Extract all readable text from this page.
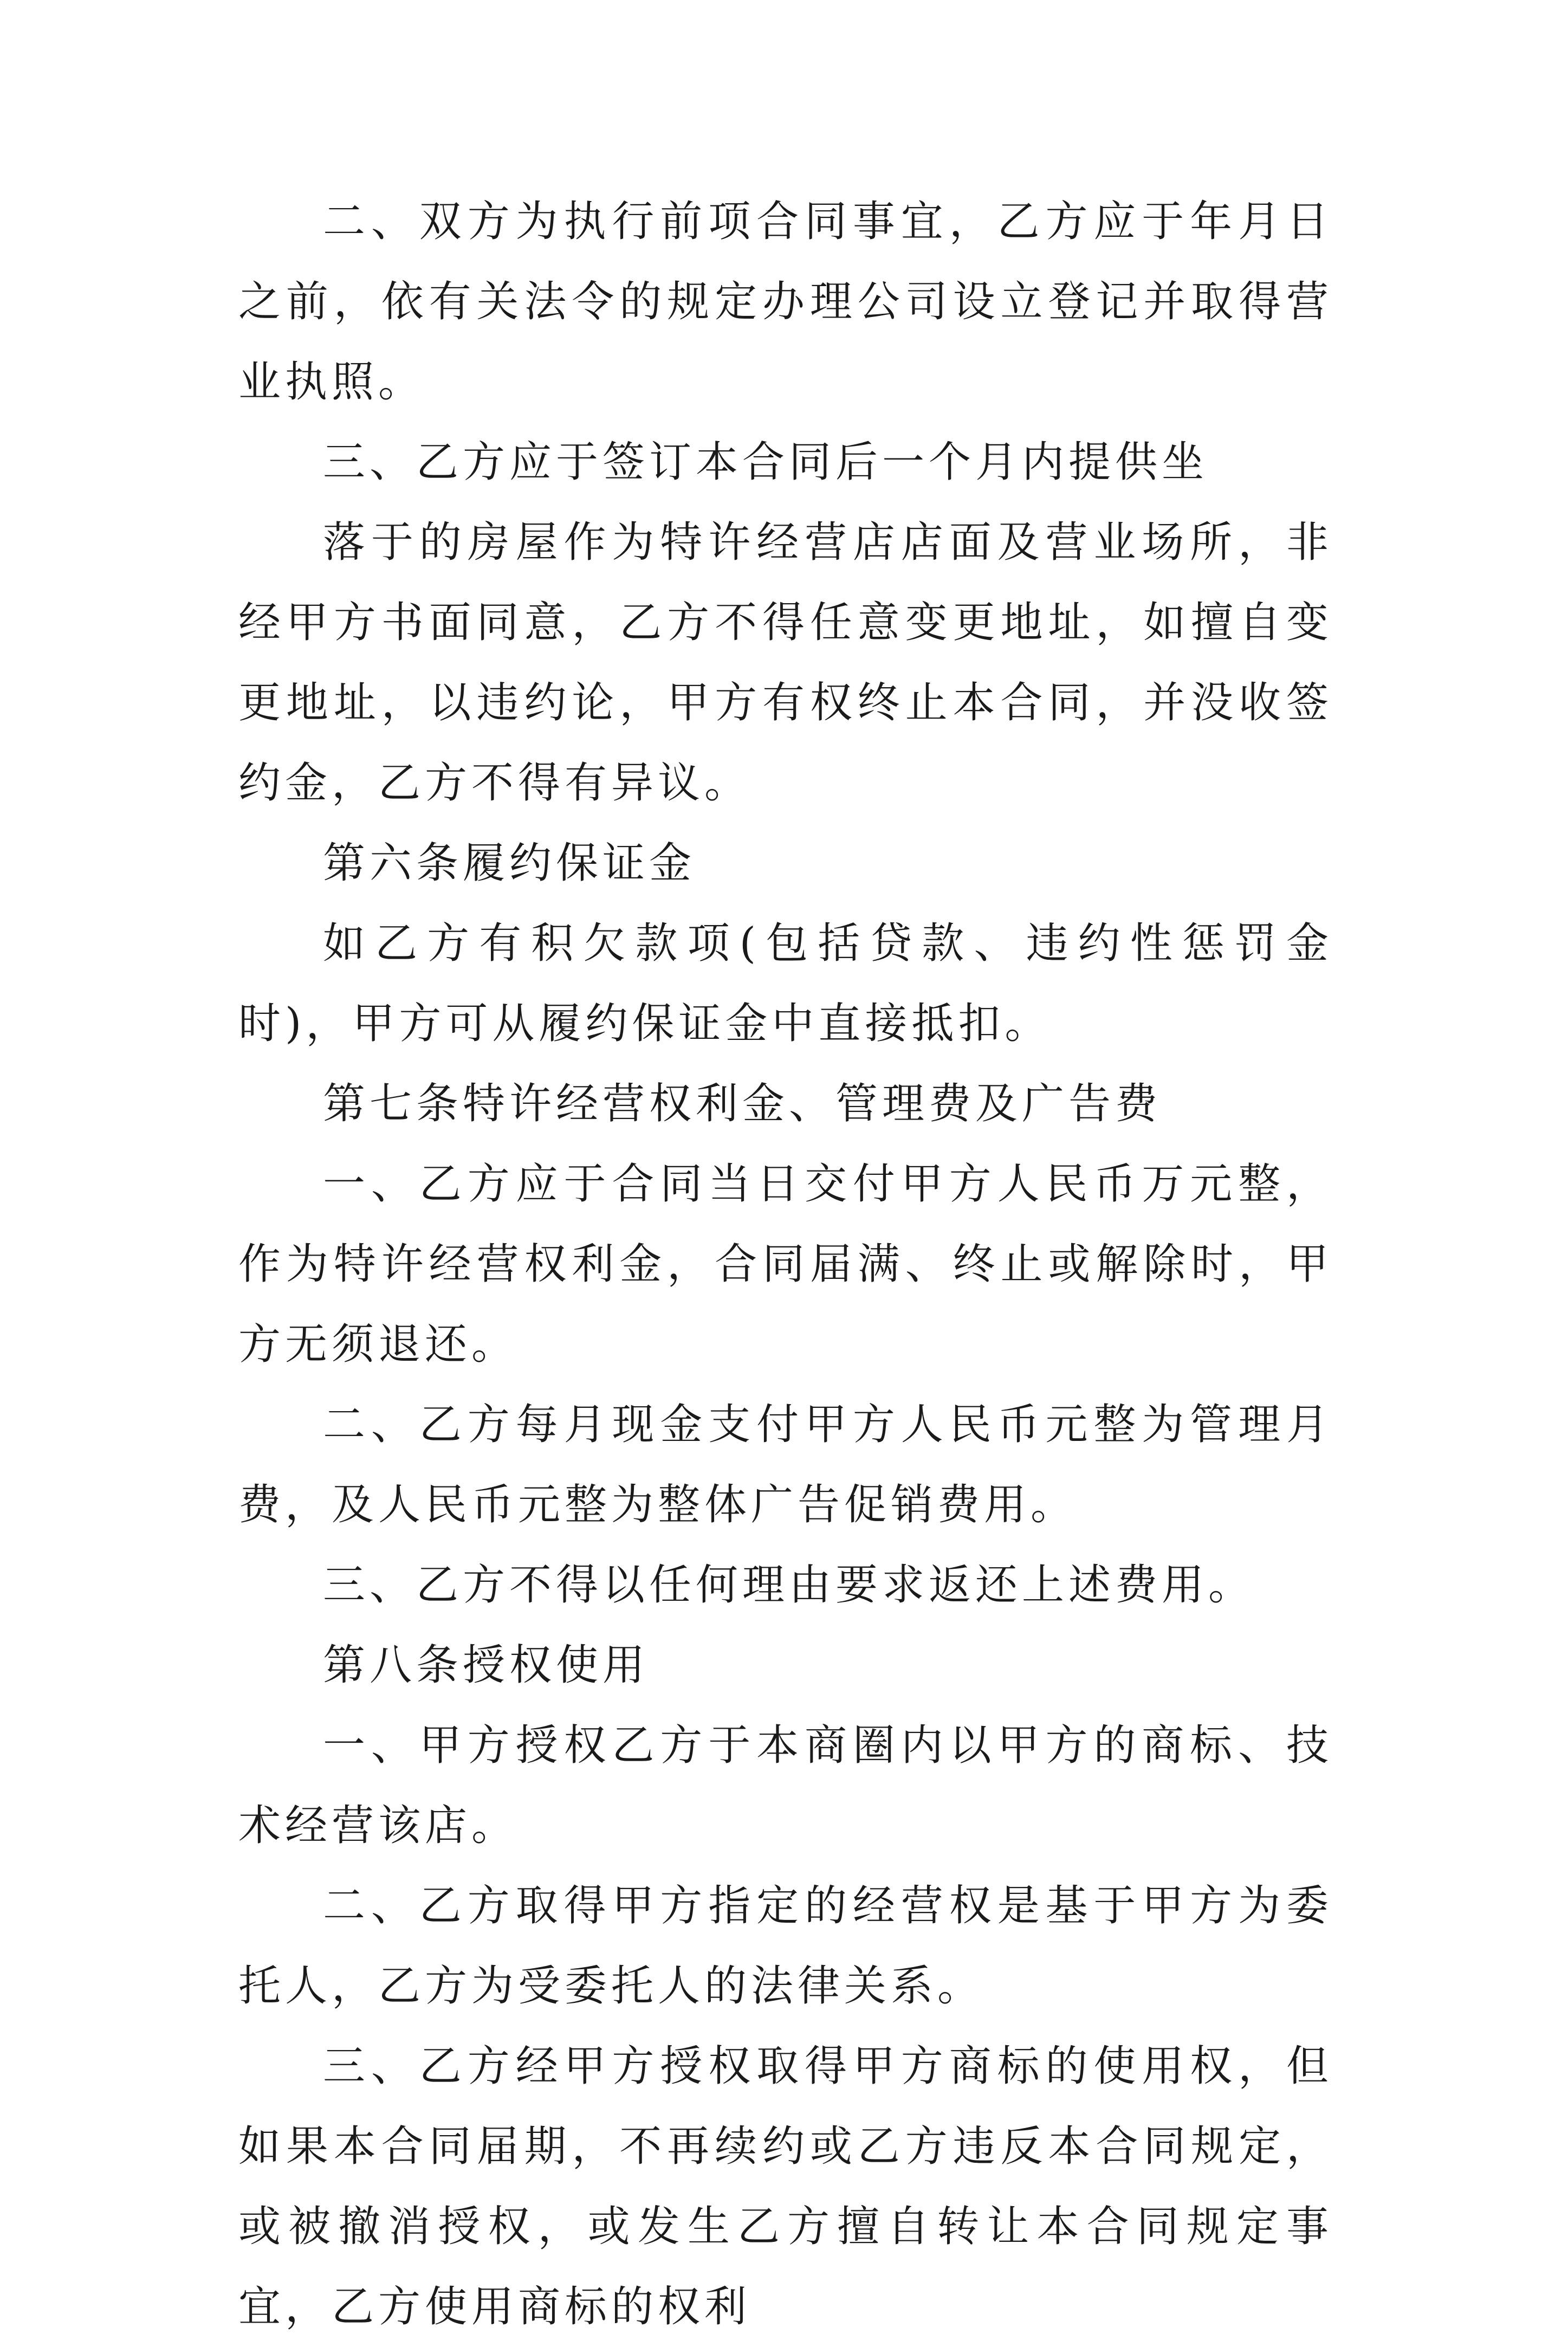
二、双方为执行前项合同事宜，乙方应于年月日之前，依有关法令的规定办理公司设立登记并取得营业执照。

三、乙方应于签订本合同后一个月内提供坐

落于的房屋作为特许经营店店面及营业场所，非经甲方书面同意，乙方不得任意变更地址，如擅自变更地址，以违约论，甲方有权终止本合同，并没收签约金，乙方不得有异议。

第六条履约保证金

如乙方有积欠款项(包括贷款、违约性惩罚金时)，甲方可从履约保证金中直接抵扣。

第七条特许经营权利金、管理费及广告费

一、乙方应于合同当日交付甲方人民币万元整，作为特许经营权利金，合同届满、终止或解除时，甲方无须退还。

二、乙方每月现金支付甲方人民币元整为管理月费，及人民币元整为整体广告促销费用。

三、乙方不得以任何理由要求返还上述费用。

第八条授权使用

一、甲方授权乙方于本商圈内以甲方的商标、技术经营该店。

二、乙方取得甲方指定的经营权是基于甲方为委托人，乙方为受委托人的法律关系。

三、乙方经甲方授权取得甲方商标的使用权，但如果本合同届期，不再续约或乙方违反本合同规定，或被撤消授权，或发生乙方擅自转让本合同规定事宜，乙方使用商标的权利
